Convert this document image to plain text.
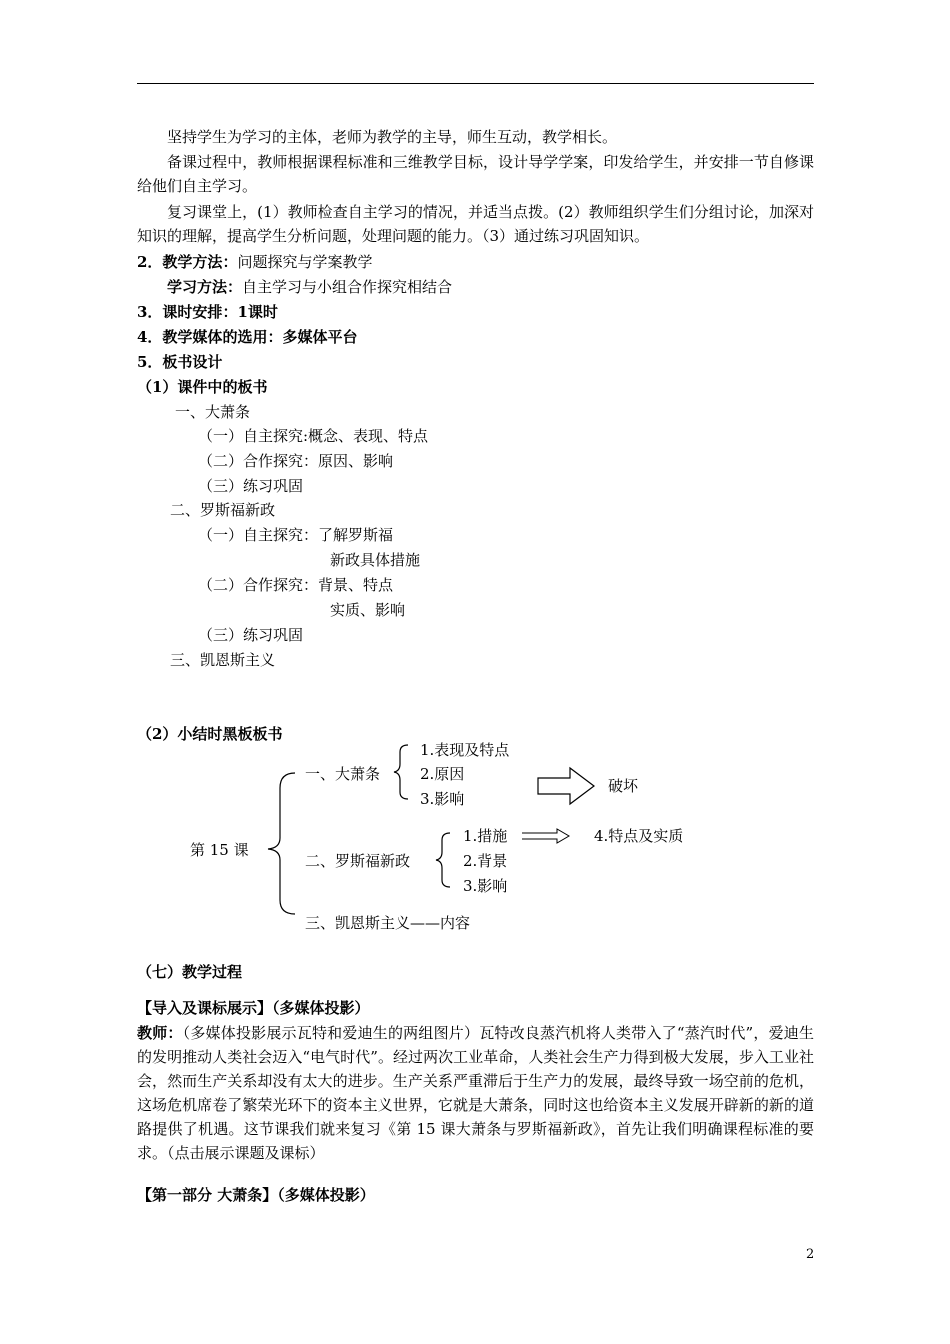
坚持学生为学习的主体，老师为教学的主导，师生互动，教学相长。
备课过程中，教师根据课程标准和三维教学目标，设计导学学案，印发给学生，并安排一节自修课给他们自主学习。
复习课堂上，(1）教师检查自主学习的情况，并适当点拨。(2）教师组织学生们分组讨论，加深对知识的理解，提高学生分析问题，处理问题的能力。（3）通过练习巩固知识。
2．教学方法：问题探究与学案教学
学习方法：自主学习与小组合作探究相结合
3．课时安排：1课时
4．教学媒体的选用：多媒体平台
5．板书设计
（1）课件中的板书
一、大萧条
（一）自主探究:概念、表现、特点
（二）合作探究：原因、影响
（三）练习巩固
二、罗斯福新政
（一）自主探究：了解罗斯福
新政具体措施
（二）合作探究：背景、特点
实质、影响
（三）练习巩固
三、凯恩斯主义
（2）小结时黑板板书
第 15 课
一、大萧条
1.表现及特点
2.原因
3.影响
破坏
二、罗斯福新政
1.措施
2.背景
3.影响
4.特点及实质
三、凯恩斯主义——内容
（七）教学过程
【导入及课标展示】（多媒体投影）
教师：（多媒体投影展示瓦特和爱迪生的两组图片）瓦特改良蒸汽机将人类带入了“蒸汽时代”，爱迪生的发明推动人类社会迈入“电气时代”。经过两次工业革命，人类社会生产力得到极大发展，步入工业社会，然而生产关系却没有太大的进步。生产关系严重滞后于生产力的发展，最终导致一场空前的危机，这场危机席卷了繁荣光环下的资本主义世界，它就是大萧条，同时这也给资本主义发展开辟新的新的道路提供了机遇。这节课我们就来复习《第 15 课大萧条与罗斯福新政》，首先让我们明确课程标准的要求。（点击展示课题及课标）
【第一部分 大萧条】（多媒体投影）
2
